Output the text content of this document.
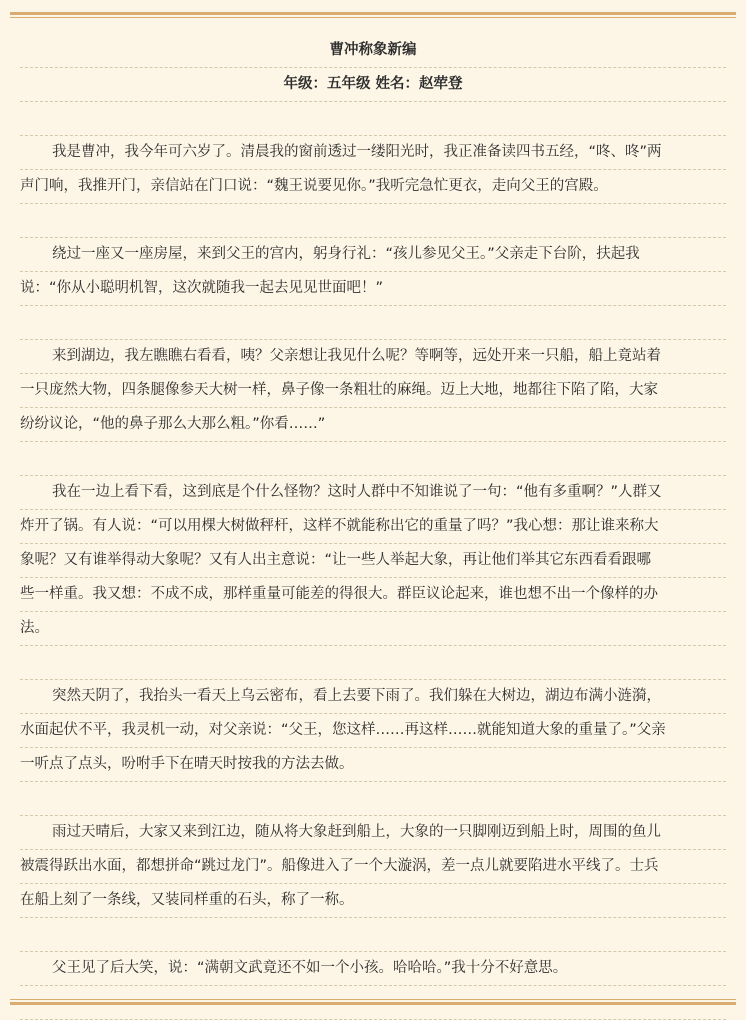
曹冲称象新编
年级：五年级 姓名：赵荦登
我是曹冲，我今年可六岁了。清晨我的窗前透过一缕阳光时，我正准备读四书五经，“咚、咚”两
声门响，我推开门，亲信站在门口说：“魏王说要见你。”我听完急忙更衣，走向父王的宫殿。
绕过一座又一座房屋，来到父王的宫内，躬身行礼：“孩儿参见父王。”父亲走下台阶，扶起我
说：“你从小聪明机智，这次就随我一起去见见世面吧！”
来到湖边，我左瞧瞧右看看，咦？父亲想让我见什么呢？等啊等，远处开来一只船，船上竟站着
一只庞然大物，四条腿像参天大树一样，鼻子像一条粗壮的麻绳。迈上大地，地都往下陷了陷，大家
纷纷议论，“他的鼻子那么大那么粗。”你看……”
我在一边上看下看，这到底是个什么怪物？这时人群中不知谁说了一句：“他有多重啊？”人群又
炸开了锅。有人说：“可以用棵大树做秤杆，这样不就能称出它的重量了吗？”我心想：那让谁来称大
象呢？又有谁举得动大象呢？又有人出主意说：“让一些人举起大象，再让他们举其它东西看看跟哪
些一样重。我又想：不成不成，那样重量可能差的得很大。群臣议论起来，谁也想不出一个像样的办
法。
突然天阴了，我抬头一看天上乌云密布，看上去要下雨了。我们躲在大树边，湖边布满小涟漪，
水面起伏不平，我灵机一动，对父亲说：“父王，您这样……再这样……就能知道大象的重量了。”父亲
一听点了点头，吩咐手下在晴天时按我的方法去做。
雨过天晴后，大家又来到江边，随从将大象赶到船上，大象的一只脚刚迈到船上时，周围的鱼儿
被震得跃出水面，都想拼命“跳过龙门”。船像进入了一个大漩涡，差一点儿就要陷进水平线了。士兵
在船上刻了一条线，又装同样重的石头，称了一称。
父王见了后大笑，说：“满朝文武竟还不如一个小孩。哈哈哈。”我十分不好意思。
